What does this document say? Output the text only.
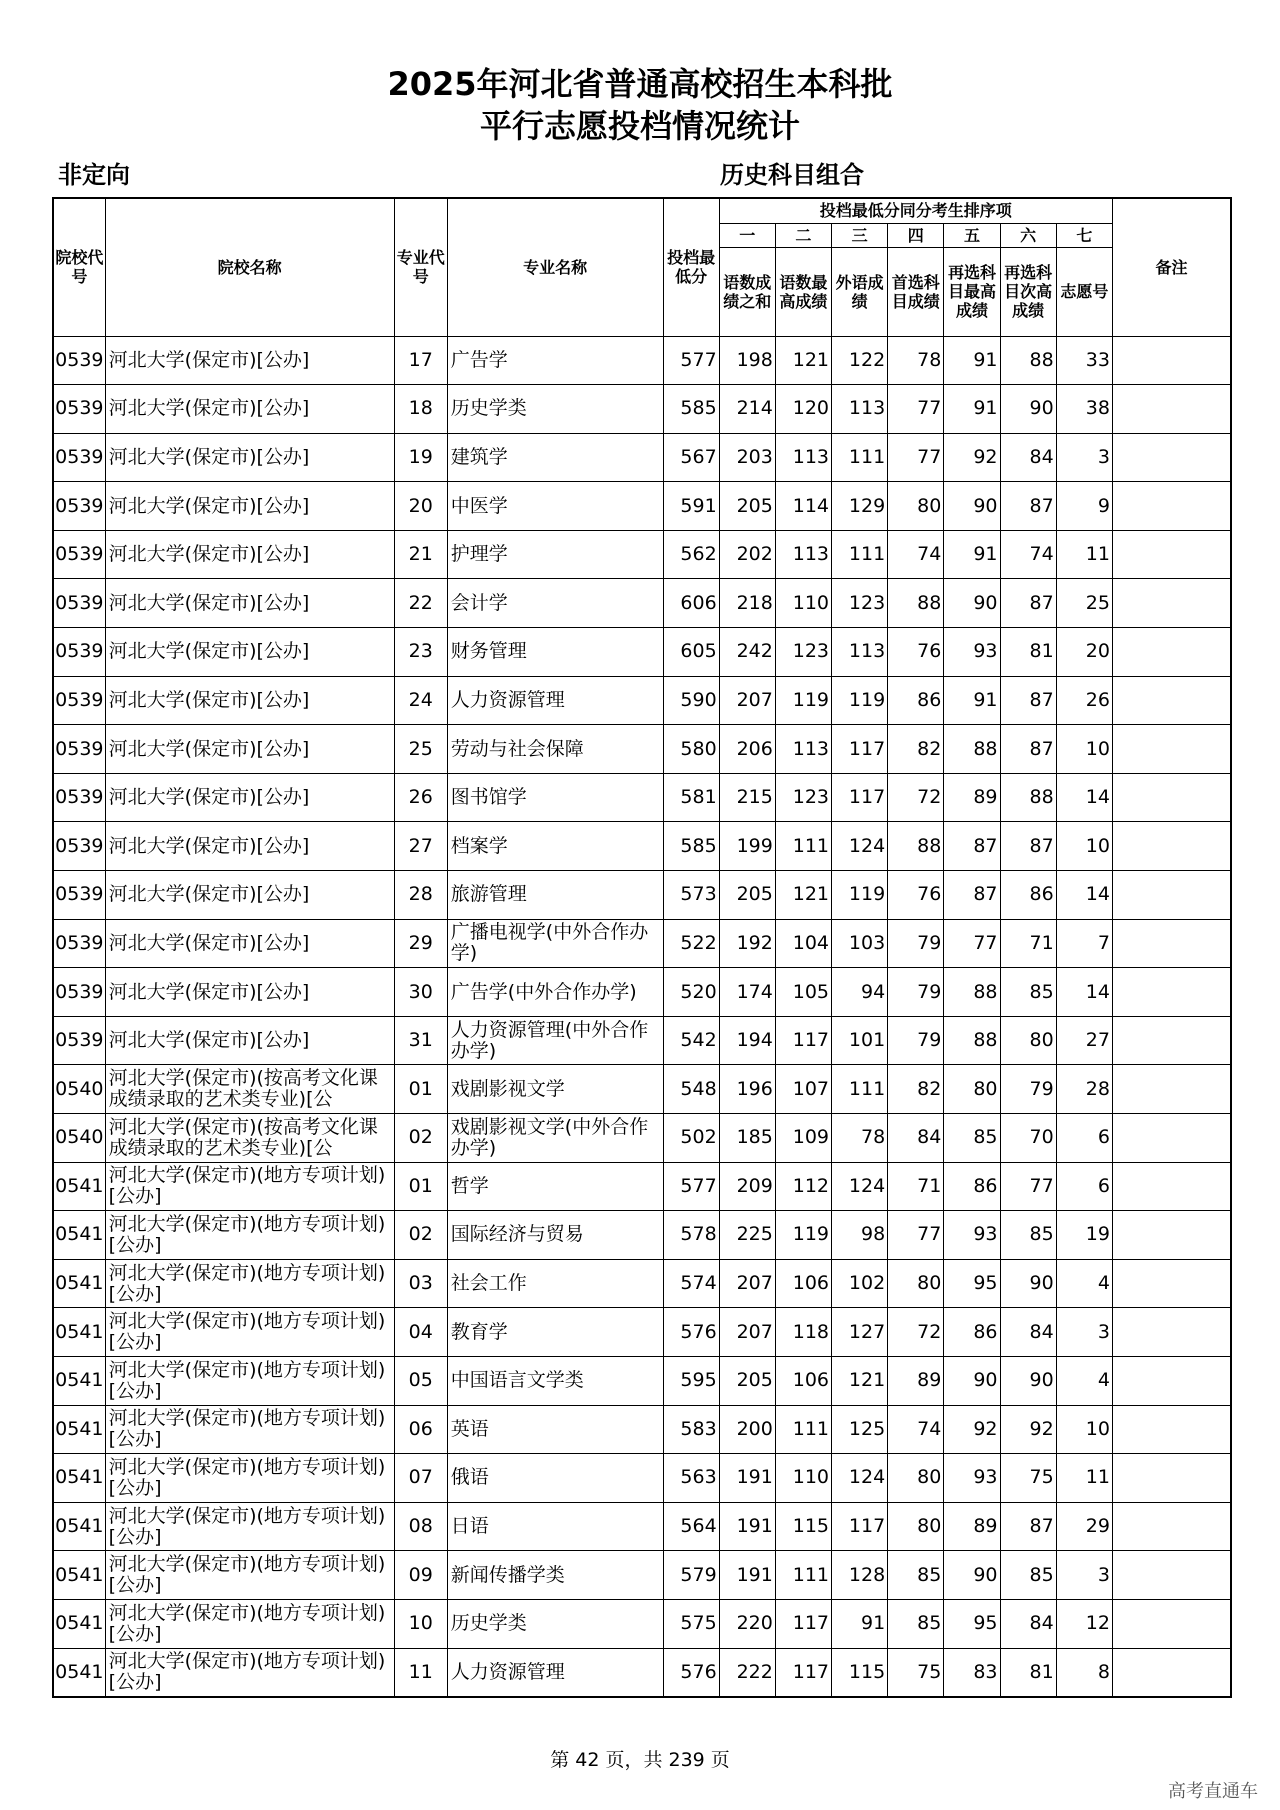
2025年河北省普通高校招生本科批
平行志愿投档情况统计
非定向	历史科目组合
院校代号	院校名称	专业代号	专业名称	投档最低分	投档最低分同分考生排序项							备注
					一	二	三	四	五	六	七	
					语数成绩之和	语数最高成绩	外语成绩	首选科目成绩	再选科目最高成绩	再选科目次高成绩	志愿号	

0539	河北大学(保定市)[公办]	17	广告学	577	198	121	122	78	91	88	33	

0539	河北大学(保定市)[公办]	18	历史学类	585	214	120	113	77	91	90	38	

0539	河北大学(保定市)[公办]	19	建筑学	567	203	113	111	77	92	84	3	

0539	河北大学(保定市)[公办]	20	中医学	591	205	114	129	80	90	87	9	

0539	河北大学(保定市)[公办]	21	护理学	562	202	113	111	74	91	74	11	

0539	河北大学(保定市)[公办]	22	会计学	606	218	110	123	88	90	87	25	

0539	河北大学(保定市)[公办]	23	财务管理	605	242	123	113	76	93	81	20	

0539	河北大学(保定市)[公办]	24	人力资源管理	590	207	119	119	86	91	87	26	

0539	河北大学(保定市)[公办]	25	劳动与社会保障	580	206	113	117	82	88	87	10	

0539	河北大学(保定市)[公办]	26	图书馆学	581	215	123	117	72	89	88	14	

0539	河北大学(保定市)[公办]	27	档案学	585	199	111	124	88	87	87	10	

0539	河北大学(保定市)[公办]	28	旅游管理	573	205	121	119	76	87	86	14	

0539	河北大学(保定市)[公办]	29	广播电视学(中外合作办学)	522	192	104	103	79	77	71	7	

0539	河北大学(保定市)[公办]	30	广告学(中外合作办学)	520	174	105	94	79	88	85	14	

0539	河北大学(保定市)[公办]	31	人力资源管理(中外合作办学)	542	194	117	101	79	88	80	27	

0540	河北大学(保定市)(按高考文化课成绩录取的艺术类专业)[公	01	戏剧影视文学	548	196	107	111	82	80	79	28	

0540	河北大学(保定市)(按高考文化课成绩录取的艺术类专业)[公	02	戏剧影视文学(中外合作办学)	502	185	109	78	84	85	70	6	

0541	河北大学(保定市)(地方专项计划)[公办]	01	哲学	577	209	112	124	71	86	77	6	

0541	河北大学(保定市)(地方专项计划)[公办]	02	国际经济与贸易	578	225	119	98	77	93	85	19	

0541	河北大学(保定市)(地方专项计划)[公办]	03	社会工作	574	207	106	102	80	95	90	4	

0541	河北大学(保定市)(地方专项计划)[公办]	04	教育学	576	207	118	127	72	86	84	3	

0541	河北大学(保定市)(地方专项计划)[公办]	05	中国语言文学类	595	205	106	121	89	90	90	4	

0541	河北大学(保定市)(地方专项计划)[公办]	06	英语	583	200	111	125	74	92	92	10	

0541	河北大学(保定市)(地方专项计划)[公办]	07	俄语	563	191	110	124	80	93	75	11	

0541	河北大学(保定市)(地方专项计划)[公办]	08	日语	564	191	115	117	80	89	87	29	

0541	河北大学(保定市)(地方专项计划)[公办]	09	新闻传播学类	579	191	111	128	85	90	85	3	

0541	河北大学(保定市)(地方专项计划)[公办]	10	历史学类	575	220	117	91	85	95	84	12	

0541	河北大学(保定市)(地方专项计划)[公办]	11	人力资源管理	576	222	117	115	75	83	81	8	

第 42 页，共 239 页
高考直通车
